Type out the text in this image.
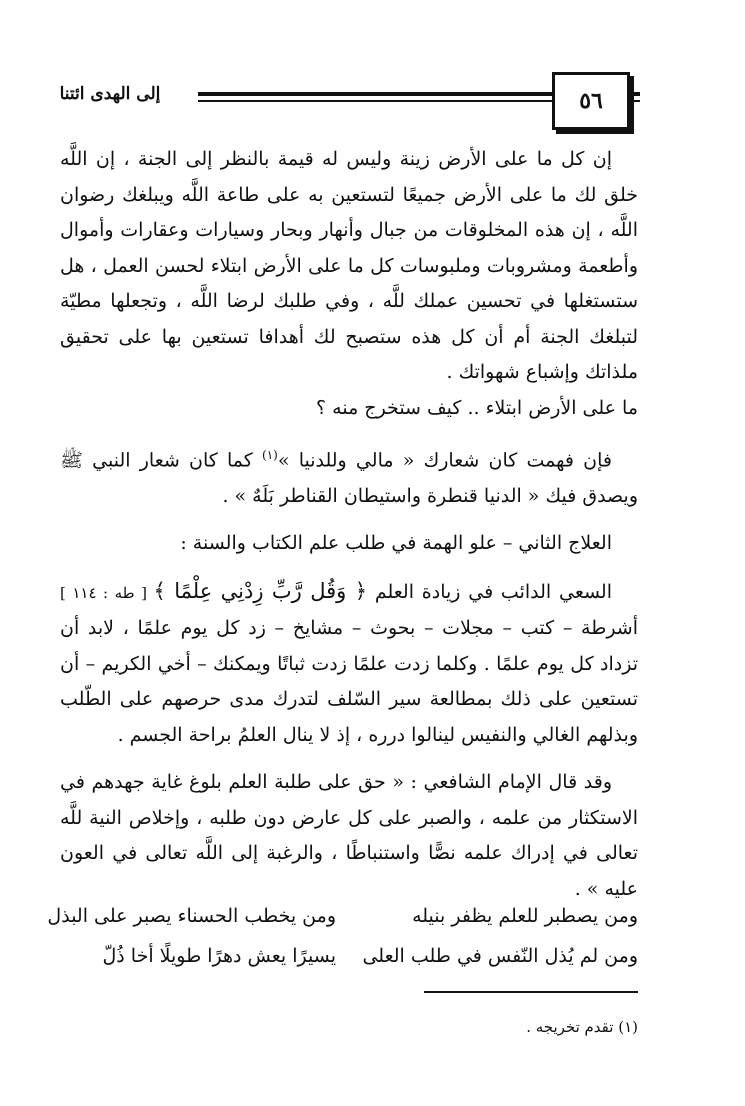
إلى الهدى ائتنا	٥٦

إن كل ما على الأرض زينة وليس له قيمة بالنظر إلى الجنة ، إن اللَّه خلق لك ما على الأرض جميعًا لتستعين به على طاعة اللَّه ويبلغك رضوان اللَّه ، إن هذه المخلوقات من جبال وأنهار وبحار وسيارات وعقارات وأموال وأطعمة ومشروبات وملبوسات كل ما على الأرض ابتلاء لحسن العمل ، هل ستستغلها في تحسين عملك للَّه ، وفي طلبك لرضا اللَّه ، وتجعلها مطيّة لتبلغك الجنة أم أن كل هذه ستصبح لك أهدافا تستعين بها على تحقيق ملذاتك وإشباع شهواتك .

ما على الأرض ابتلاء .. كيف ستخرج منه ؟

فإن فهمت كان شعارك « مالي وللدنيا »$^{(١)}$ كما كان شعار النبي ﷺ ويصدق فيك « الدنيا قنطرة واستيطان القناطر بَلَهٌ » .

العلاج الثاني – علو الهمة في طلب علم الكتاب والسنة :

السعي الدائب في زيادة العلم ﴿ وَقُل رَّبِّ زِدْنِي عِلْمًا ﴾ [ طه : ١١٤ ] أشرطة – كتب – مجلات – بحوث – مشايخ – زد كل يوم علمًا ، لابد أن تزداد كل يوم علمًا . وكلما زدت علمًا زدت ثباتًا ويمكنك – أخي الكريم – أن تستعين على ذلك بمطالعة سير السّلف لتدرك مدى حرصهم على الطّلب وبذلهم الغالي والنفيس لينالوا درره ، إذ لا ينال العلمُ براحة الجسم .

وقد قال الإمام الشافعي : « حق على طلبة العلم بلوغ غاية جهدهم في الاستكثار من علمه ، والصبر على كل عارض دون طلبه ، وإخلاص النية للَّه تعالى في إدراك علمه نصًّا واستنباطًا ، والرغبة إلى اللَّه تعالى في العون عليه » .

ومن يصطبر للعلم يظفر بنيله
ومن يخطب الحسناء يصبر على البذل
ومن لم يُذل النّفس في طلب العلى
يسيرًا يعش دهرًا طويلًا أخا ذُلّ
(١) تقدم تخريجه .
